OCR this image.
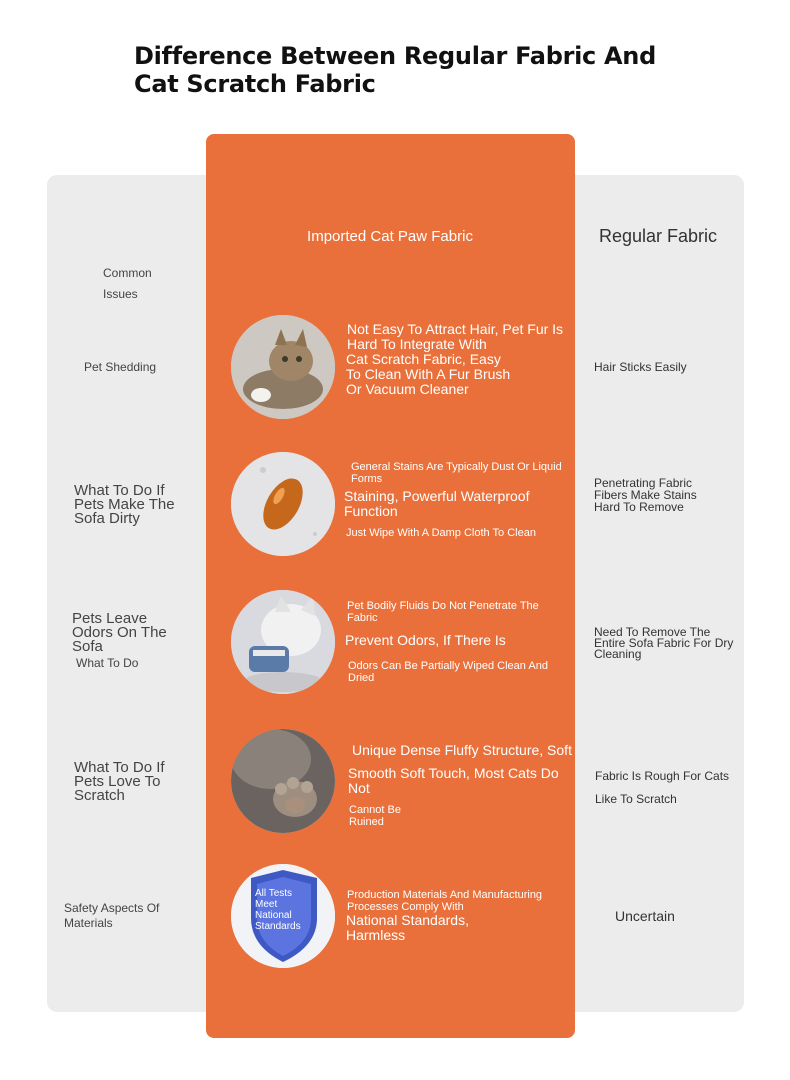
Difference Between Regular Fabric And Cat Scratch Fabric
Imported Cat Paw Fabric	Regular Fabric
Common Issues
Pet Shedding
Not Easy To Attract Hair, Pet Fur Is Hard To Integrate With
Cat Scratch Fabric, Easy To Clean With A Fur Brush Or Vacuum Cleaner
Hair Sticks Easily
What To Do If Pets Make The Sofa Dirty
General Stains Are Typically Dust Or Liquid Forms
Staining, Powerful Waterproof Function
Just Wipe With A Damp Cloth To Clean
Penetrating Fabric Fibers Make Stains Hard To Remove
Pets Leave Odors On The Sofa
What To Do
Pet Bodily Fluids Do Not Penetrate The Fabric
Prevent Odors, If There Is
Odors Can Be Partially Wiped Clean And Dried
Need To Remove The Entire Sofa Fabric For Dry Cleaning
What To Do If Pets Love To Scratch
Unique Dense Fluffy Structure, Soft
Smooth Soft Touch, Most Cats Do Not
Cannot Be Ruined
Fabric Is Rough For Cats Like To Scratch
Safety Aspects Of Materials
All Tests Meet National Standards
Production Materials And Manufacturing Processes Comply With
National Standards, Harmless
Uncertain
